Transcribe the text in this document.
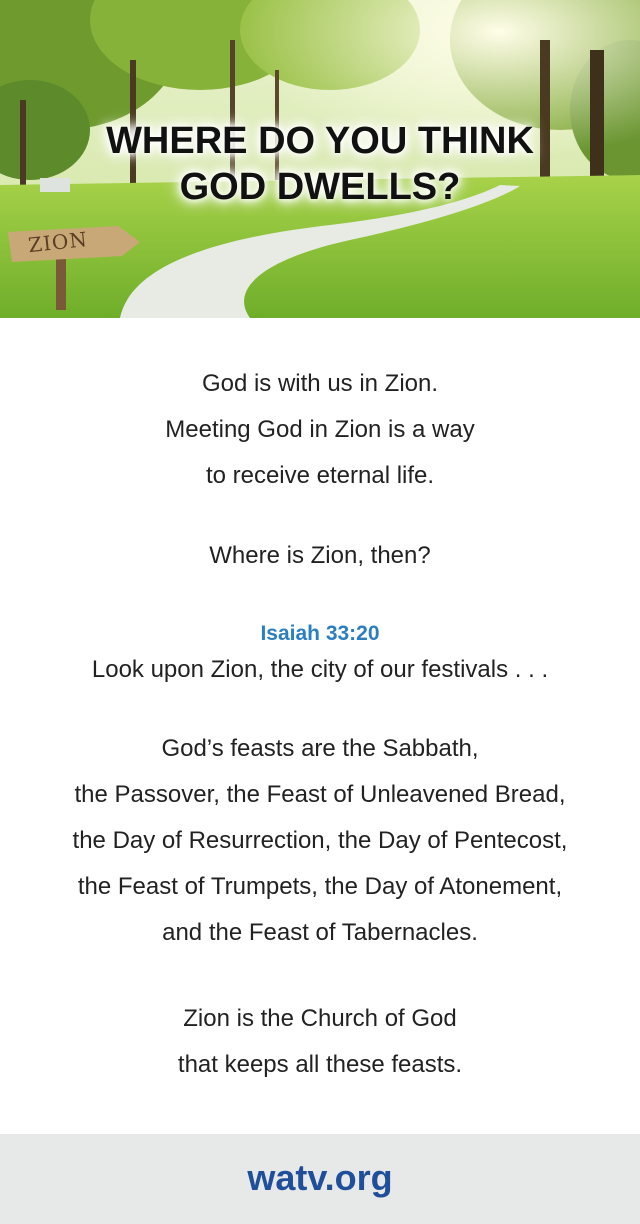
ZION
WHERE DO YOU THINK
GOD DWELLS?
God is with us in Zion.
Meeting God in Zion is a way
to receive eternal life.
Where is Zion, then?
Isaiah 33:20
Look upon Zion, the city of our festivals . . .
God’s feasts are the Sabbath,
the Passover, the Feast of Unleavened Bread,
the Day of Resurrection, the Day of Pentecost,
the Feast of Trumpets, the Day of Atonement,
and the Feast of Tabernacles.
Zion is the Church of God
that keeps all these feasts.
watv.org
